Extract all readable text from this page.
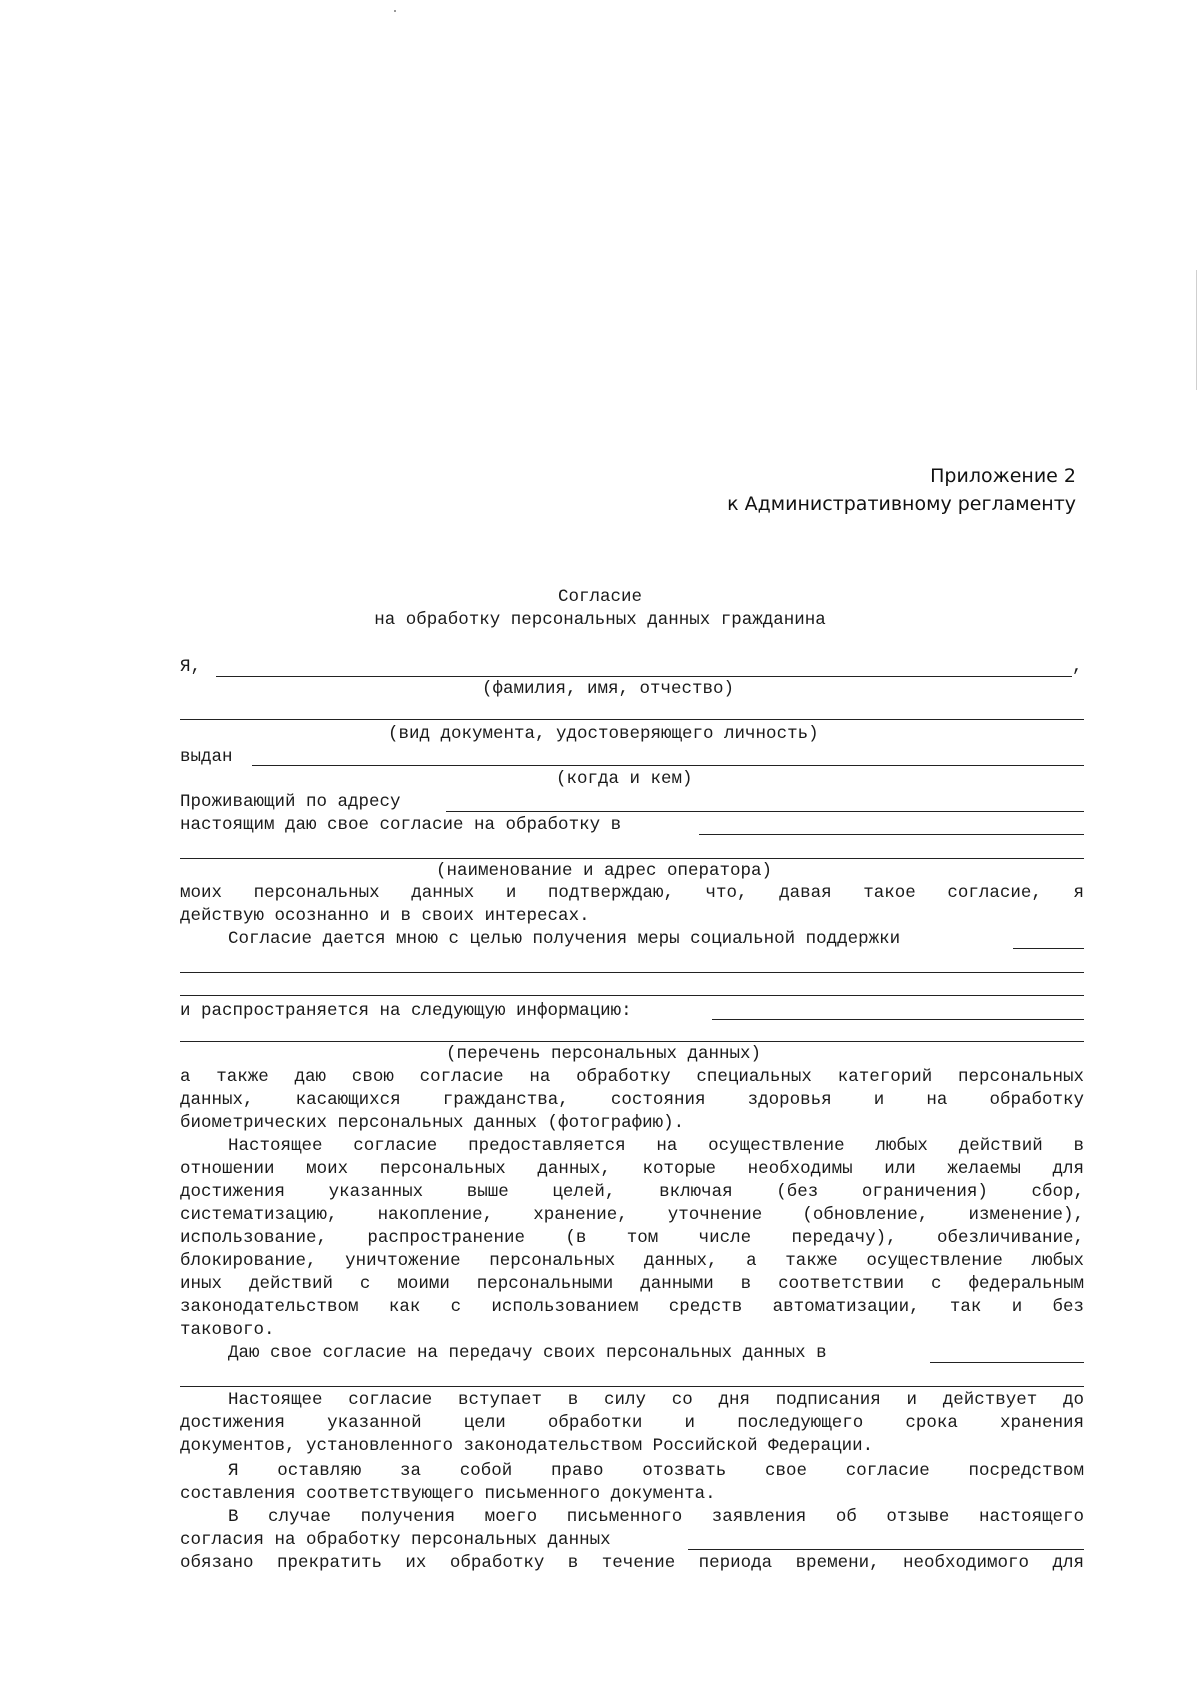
Приложение 2
к Административному регламенту
Согласие
на обработку персональных данных гражданина
Я,	,
(фамилия, имя, отчество)
(вид документа, удостоверяющего личность)
выдан
(когда и кем)
Проживающий по адресу
настоящим даю свое согласие на обработку в
(наименование и адрес оператора)
моих персональных данных и подтверждаю, что, давая такое согласие, я
действую осознанно и в своих интересах.
Согласие дается мною с целью получения меры социальной поддержки
и распространяется на следующую информацию:
(перечень персональных данных)
а также даю свою согласие на обработку специальных категорий персональных
данных, касающихся гражданства, состояния здоровья и на обработку
биометрических персональных данных (фотографию).
Настоящее согласие предоставляется на осуществление любых действий в
отношении моих персональных данных, которые необходимы или желаемы для
достижения указанных выше целей, включая (без ограничения) сбор,
систематизацию, накопление, хранение, уточнение (обновление, изменение),
использование, распространение (в том числе передачу), обезличивание,
блокирование, уничтожение персональных данных, а также осуществление любых
иных действий с моими персональными данными в соответствии с федеральным
законодательством как с использованием средств автоматизации, так и без
такового.
Даю свое согласие на передачу своих персональных данных в
Настоящее согласие вступает в силу со дня подписания и действует до
достижения указанной цели обработки и последующего срока хранения
документов, установленного законодательством Российской Федерации.
Я оставляю за собой право отозвать свое согласие посредством
составления соответствующего письменного документа.
В случае получения моего письменного заявления об отзыве настоящего
согласия на обработку персональных данных
обязано прекратить их обработку в течение периода времени, необходимого для
